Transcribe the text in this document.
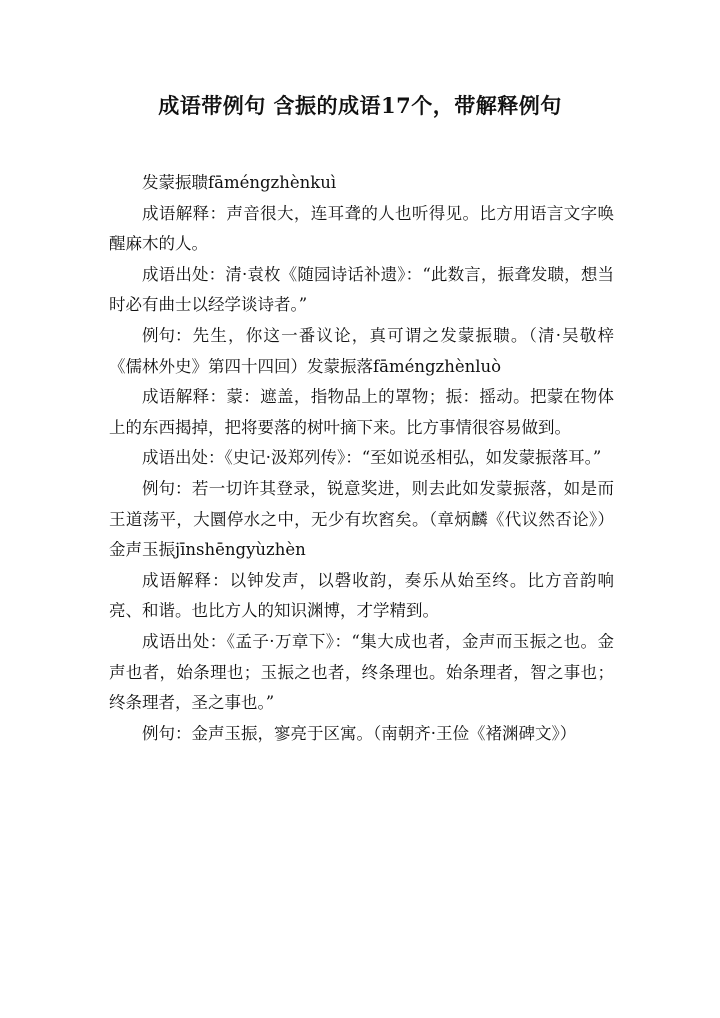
成语带例句 含振的成语17个，带解释例句

发蒙振聩fāméngzhènkuì

成语解释：声音很大，连耳聋的人也听得见。比方用语言文字唤醒麻木的人。

成语出处：清·袁枚《随园诗话补遗》：“此数言，振聋发聩，想当时必有曲士以经学谈诗者。”

例 句： 先生，你这一番议论，真可谓之发蒙振聩。（清·吴敬梓《儒林外史》第四十四回）发蒙振落fāméngzhènluò

成语解释：蒙：遮盖，指物品上的罩物；振：摇动。把蒙在物体上的东西揭掉，把将要落的树叶摘下来。比方事情很容易做到。

成语出处：《史记·汲郑列传》：“至如说丞相弘，如发蒙振落耳。”

例 句： 若一切许其登录，锐意奖进，则去此如发蒙振落，如是而王道荡平，大圜停水之中，无少有坎窞矣。（章炳麟《代议然否论》）金声玉振jīnshēngyùzhèn

成语解释：以钟发声，以磬收韵，奏乐从始至终。比方音韵响亮、和谐。也比方人的知识渊博，才学精到。

成语出处：《孟子·万章下》：“集大成也者，金声而玉振之也。金声也者，始条理也；玉振之也者，终条理也。始条理者，智之事也；终条理者，圣之事也。”

例 句： 金声玉振，寥亮于区寓。（南朝齐·王俭《褚渊碑文》）
